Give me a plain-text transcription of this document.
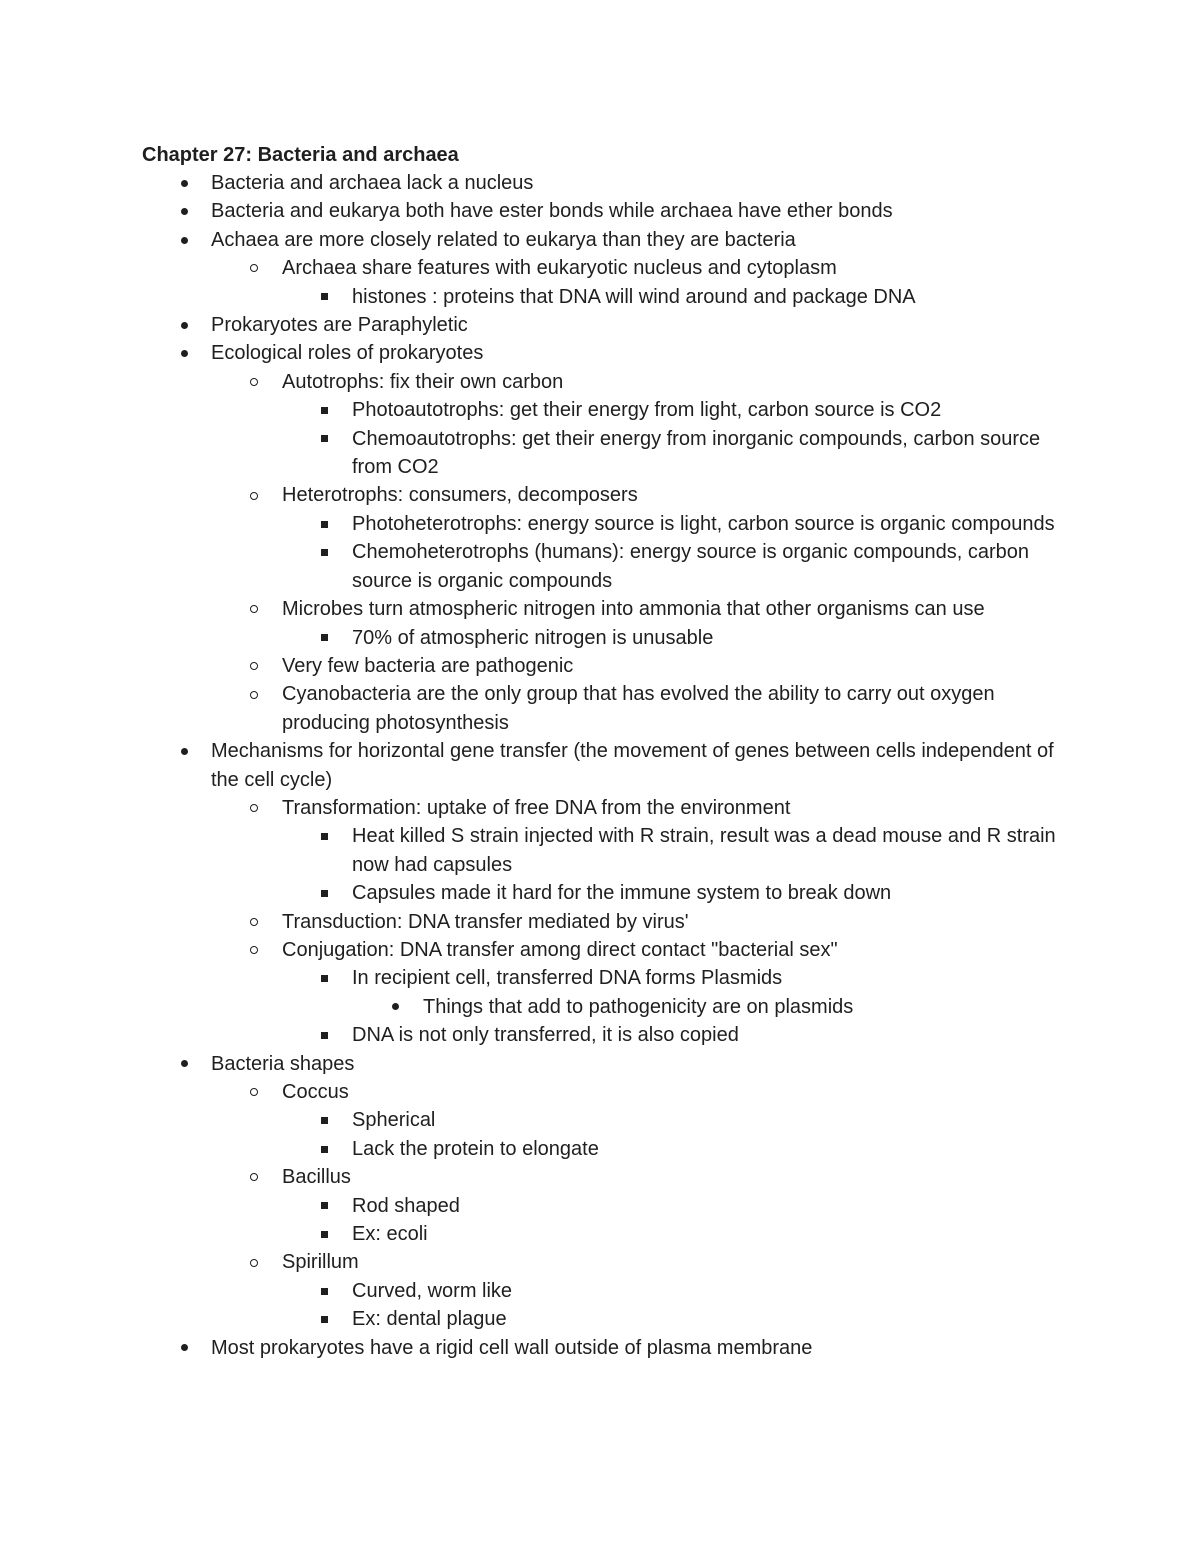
Chapter 27: Bacteria and archaea
Bacteria and archaea lack a nucleus
Bacteria and eukarya both have ester bonds while archaea have ether bonds
Achaea are more closely related to eukarya than they are bacteria
Archaea share features with eukaryotic nucleus and cytoplasm
histones : proteins that DNA will wind around and package DNA
Prokaryotes are Paraphyletic
Ecological roles of prokaryotes
Autotrophs: fix their own carbon
Photoautotrophs: get their energy from light, carbon source is CO2
Chemoautotrophs: get their energy from inorganic compounds, carbon source from CO2
Heterotrophs: consumers, decomposers
Photoheterotrophs: energy source is light, carbon source is organic compounds
Chemoheterotrophs (humans): energy source is organic compounds, carbon source is organic compounds
Microbes turn atmospheric nitrogen into ammonia that other organisms can use
70% of atmospheric nitrogen is unusable
Very few bacteria are pathogenic
Cyanobacteria are the only group that has evolved the ability to carry out oxygen producing photosynthesis
Mechanisms for horizontal gene transfer (the movement of genes between cells independent of the cell cycle)
Transformation: uptake of free DNA from the environment
Heat killed S strain injected with R strain, result was a dead mouse and R strain now had capsules
Capsules made it hard for the immune system to break down
Transduction: DNA transfer mediated by virus'
Conjugation: DNA transfer among direct contact "bacterial sex"
In recipient cell, transferred DNA forms Plasmids
Things that add to pathogenicity are on plasmids
DNA is not only transferred, it is also copied
Bacteria shapes
Coccus
Spherical
Lack the protein to elongate
Bacillus
Rod shaped
Ex: ecoli
Spirillum
Curved, worm like
Ex: dental plague
Most prokaryotes have a rigid cell wall outside of plasma membrane
